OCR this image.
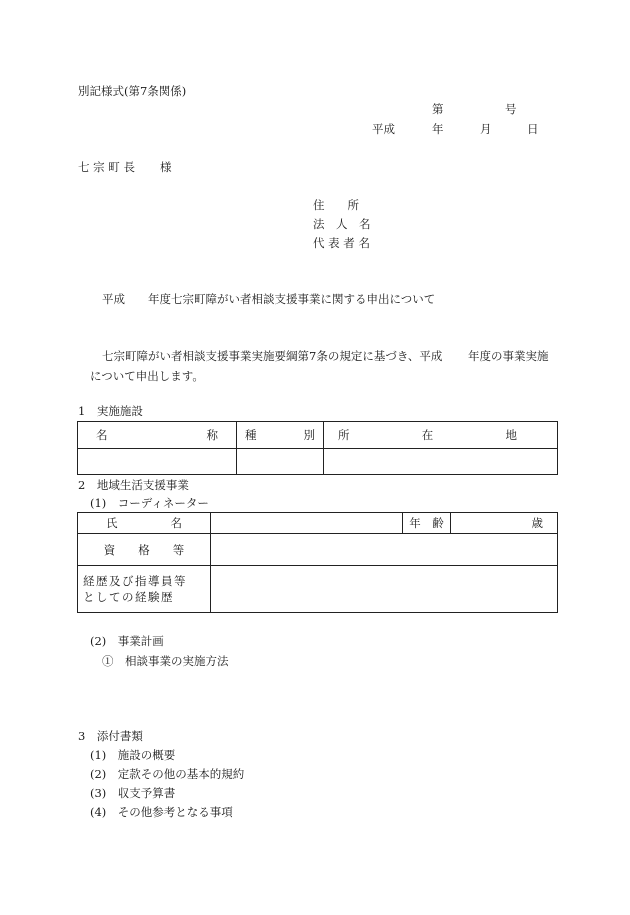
別記様式(第7条関係)
第	号
平成	年	月	日
七 宗 町 長 様
住　　所
法　人　名
代 表 者 名
平成 年度七宗町障がい者相談支援事業に関する申出について
七宗町障がい者相談支援事業実施要綱第7条の規定に基づき、平成 年度の事業実施
について申出します。
1　実施施設
名 称	種 別	所 在 地

2　地域生活支援事業
(1)　コーディネーター
氏 名		年　齢	歳
資　　格　　等			

経歴及び指導員等
としての経験歴			

(2)　事業計画
①　相談事業の実施方法
3　添付書類
(1)　施設の概要
(2)　定款その他の基本的規約
(3)　収支予算書
(4)　その他参考となる事項
